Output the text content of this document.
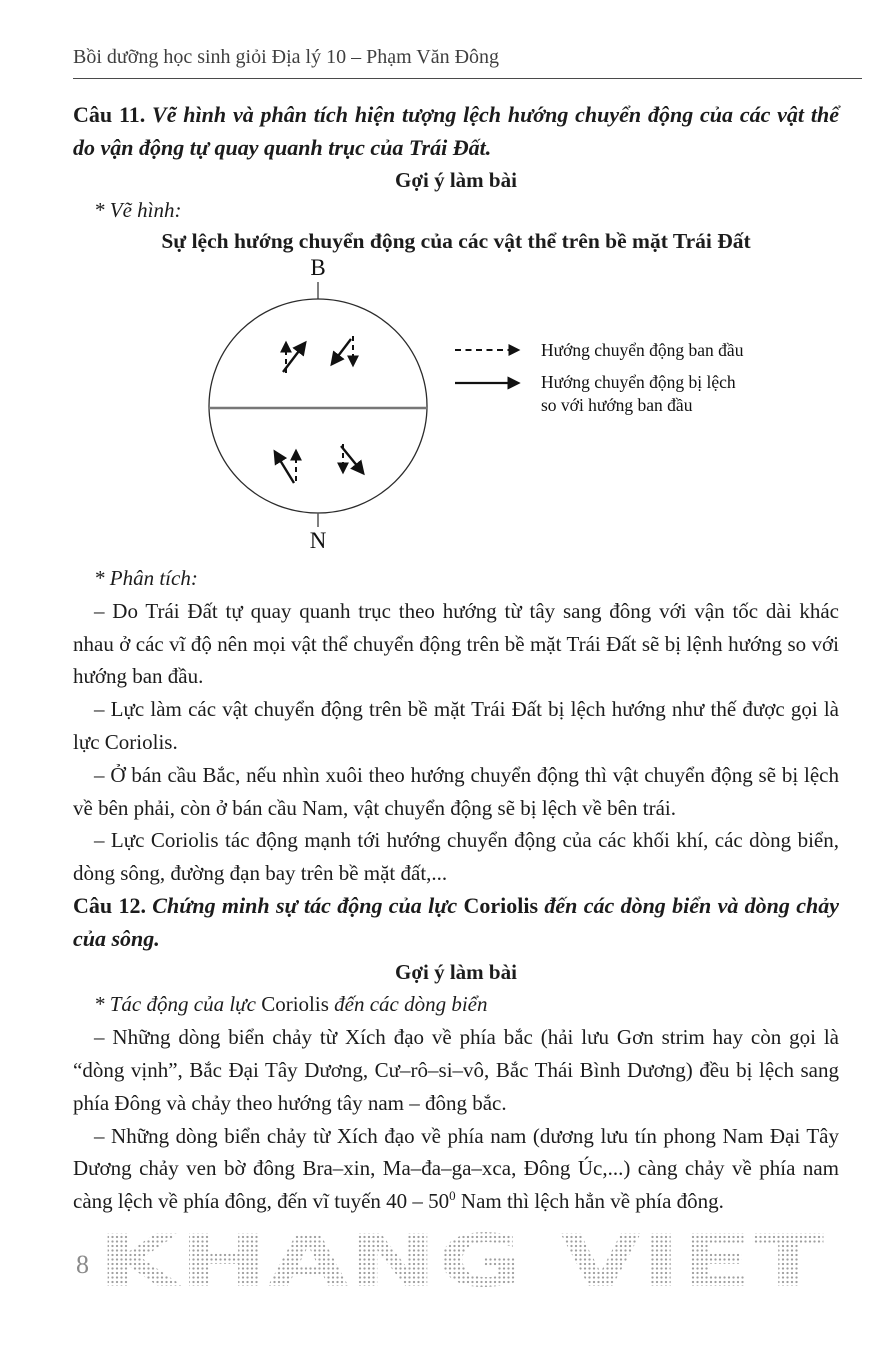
Bồi dưỡng học sinh giỏi Địa lý 10 – Phạm Văn Đông
Câu 11. Vẽ hình và phân tích hiện tượng lệch hướng chuyển động của các vật thể do vận động tự quay quanh trục của Trái Đất.
Gợi ý làm bài
* Vẽ hình:
Sự lệch hướng chuyển động của các vật thể trên bề mặt Trái Đất
B
N
Hướng chuyển động ban đầu
Hướng chuyển động bị lệch
so với hướng ban đầu

* Phân tích:

– Do Trái Đất tự quay quanh trục theo hướng từ tây sang đông với vận tốc dài khác nhau ở các vĩ độ nên mọi vật thể chuyển động trên bề mặt Trái Đất sẽ bị lệnh hướng so với hướng ban đầu.

– Lực làm các vật chuyển động trên bề mặt Trái Đất bị lệch hướng như thế được gọi là lực Coriolis.

– Ở bán cầu Bắc, nếu nhìn xuôi theo hướng chuyển động thì vật chuyển động sẽ bị lệch về bên phải, còn ở bán cầu Nam, vật chuyển động sẽ bị lệch về bên trái.

– Lực Coriolis tác động mạnh tới hướng chuyển động của các khối khí, các dòng biển, dòng sông, đường đạn bay trên bề mặt đất,...

Câu 12. Chứng minh sự tác động của lực Coriolis đến các dòng biển và dòng chảy của sông.

Gợi ý làm bài

* Tác động của lực Coriolis đến các dòng biển

– Những dòng biển chảy từ Xích đạo về phía bắc (hải lưu Gơn strim hay còn gọi là “dòng vịnh”, Bắc Đại Tây Dương, Cư–rô–si–vô, Bắc Thái Bình Dương) đều bị lệch sang phía Đông và chảy theo hướng tây nam – đông bắc.

– Những dòng biển chảy từ Xích đạo về phía nam (dương lưu tín phong Nam Đại Tây Dương chảy ven bờ đông Bra–xin, Ma–đa–ga–xca, Đông Úc,...) càng chảy về phía nam càng lệch về phía đông, đến vĩ tuyến $40 - 50^0$ Nam thì lệch hẳn về phía đông.

KHANG VIET
8
